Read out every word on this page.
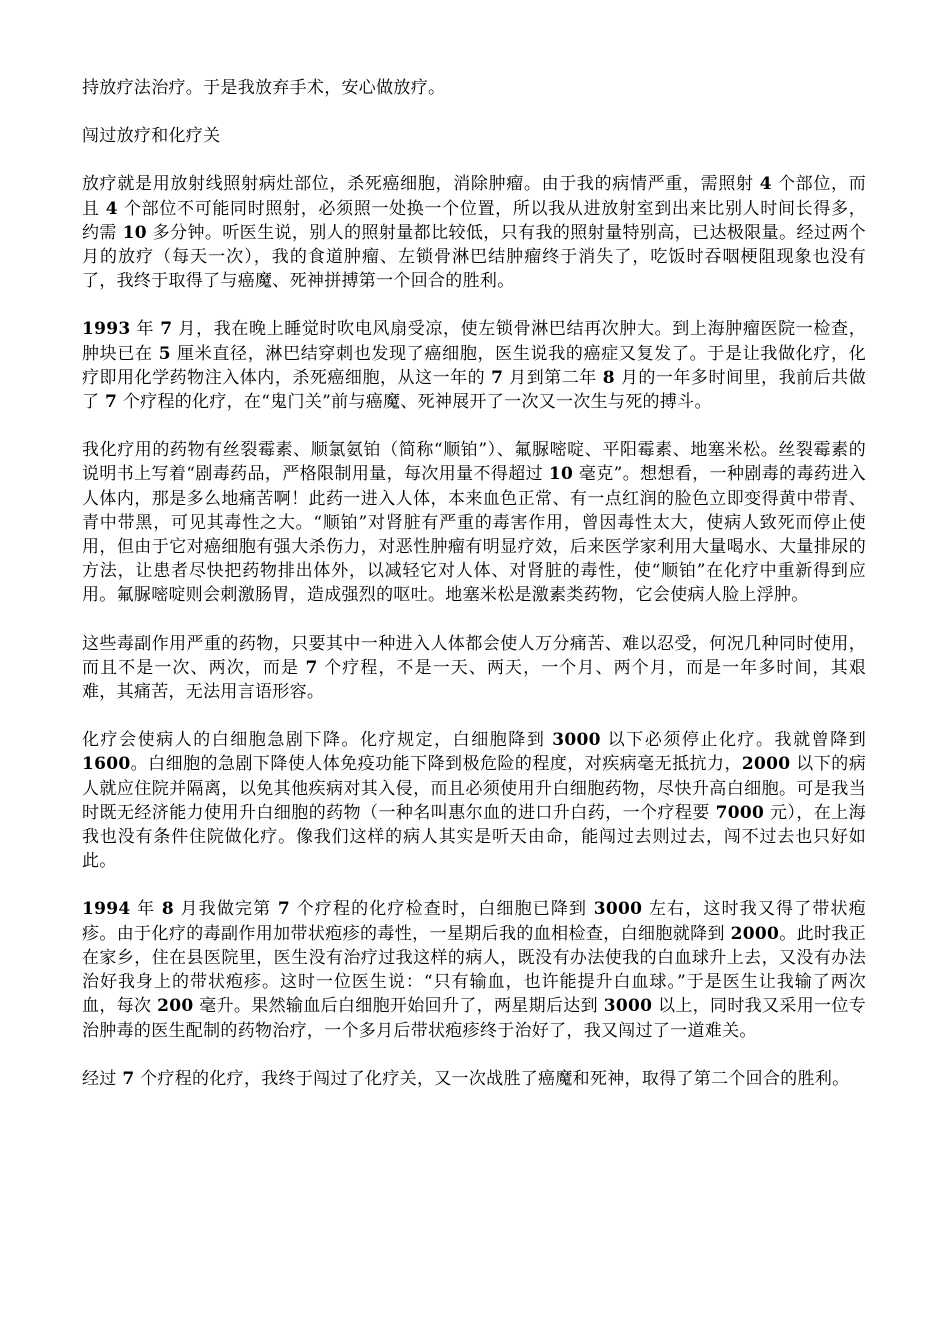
持放疗法治疗。于是我放弃手术，安心做放疗。

闯过放疗和化疗关

放疗就是用放射线照射病灶部位，杀死癌细胞，消除肿瘤。由于我的病情严重，需照射 4 个部位，而且 4 个部位不可能同时照射，必须照一处换一个位置，所以我从进放射室到出来比别人时间长得多，约需 10 多分钟。听医生说，别人的照射量都比较低，只有我的照射量特别高，已达极限量。经过两个月的放疗（每天一次），我的食道肿瘤、左锁骨淋巴结肿瘤终于消失了，吃饭时吞咽梗阻现象也没有了，我终于取得了与癌魔、死神拼搏第一个回合的胜利。

1993 年 7 月，我在晚上睡觉时吹电风扇受凉，使左锁骨淋巴结再次肿大。到上海肿瘤医院一检查，肿块已在 5 厘米直径，淋巴结穿刺也发现了癌细胞，医生说我的癌症又复发了。于是让我做化疗，化疗即用化学药物注入体内，杀死癌细胞，从这一年的 7 月到第二年 8 月的一年多时间里，我前后共做了 7 个疗程的化疗，在“鬼门关”前与癌魔、死神展开了一次又一次生与死的搏斗。

我化疗用的药物有丝裂霉素、顺氯氨铂（简称“顺铂”）、氟脲嘧啶、平阳霉素、地塞米松。丝裂霉素的说明书上写着“剧毒药品，严格限制用量，每次用量不得超过 10 毫克”。想想看，一种剧毒的毒药进入人体内，那是多么地痛苦啊！此药一进入人体，本来血色正常、有一点红润的脸色立即变得黄中带青、青中带黑，可见其毒性之大。“顺铂”对肾脏有严重的毒害作用，曾因毒性太大，使病人致死而停止使用，但由于它对癌细胞有强大杀伤力，对恶性肿瘤有明显疗效，后来医学家利用大量喝水、大量排尿的方法，让患者尽快把药物排出体外，以减轻它对人体、对肾脏的毒性，使“顺铂”在化疗中重新得到应用。氟脲嘧啶则会刺激肠胃，造成强烈的呕吐。地塞米松是激素类药物，它会使病人脸上浮肿。

这些毒副作用严重的药物，只要其中一种进入人体都会使人万分痛苦、难以忍受，何况几种同时使用，而且不是一次、两次，而是 7 个疗程，不是一天、两天，一个月、两个月，而是一年多时间，其艰难，其痛苦，无法用言语形容。

化疗会使病人的白细胞急剧下降。化疗规定，白细胞降到 3000 以下必须停止化疗。我就曾降到 1600。白细胞的急剧下降使人体免疫功能下降到极危险的程度，对疾病毫无抵抗力，2000 以下的病人就应住院并隔离，以免其他疾病对其入侵，而且必须使用升白细胞药物，尽快升高白细胞。可是我当时既无经济能力使用升白细胞的药物（一种名叫惠尔血的进口升白药，一个疗程要 7000 元），在上海我也没有条件住院做化疗。像我们这样的病人其实是听天由命，能闯过去则过去，闯不过去也只好如此。

1994 年 8 月我做完第 7 个疗程的化疗检查时，白细胞已降到 3000 左右，这时我又得了带状疱疹。由于化疗的毒副作用加带状疱疹的毒性，一星期后我的血相检查，白细胞就降到 2000。此时我正在家乡，住在县医院里，医生没有治疗过我这样的病人，既没有办法使我的白血球升上去，又没有办法治好我身上的带状疱疹。这时一位医生说：“只有输血，也许能提升白血球。”于是医生让我输了两次血，每次 200 毫升。果然输血后白细胞开始回升了，两星期后达到 3000 以上，同时我又采用一位专治肿毒的医生配制的药物治疗，一个多月后带状疱疹终于治好了，我又闯过了一道难关。

经过 7 个疗程的化疗，我终于闯过了化疗关，又一次战胜了癌魔和死神，取得了第二个回合的胜利。
